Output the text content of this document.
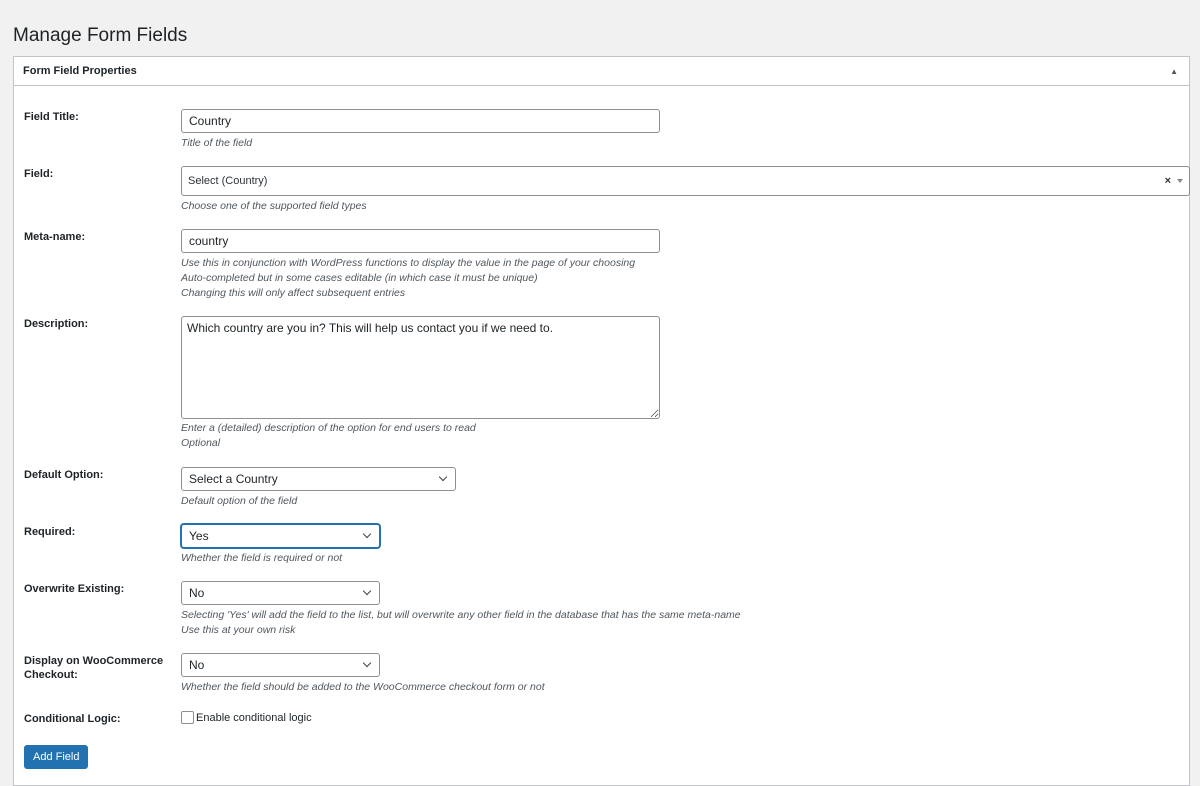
Manage Form Fields
Form Field Properties	▲
Field Title:
Country
Title of the field
Field:
Select (Country)	×
Choose one of the supported field types
Meta-name:
country
Use this in conjunction with WordPress functions to display the value in the page of your choosing
Auto-completed but in some cases editable (in which case it must be unique)
Changing this will only affect subsequent entries
Description:
Which country are you in? This will help us contact you if we need to.
Enter a (detailed) description of the option for end users to read
Optional
Default Option:	Select a Country
Default option of the field
Required:	Yes
Whether the field is required or not
Overwrite Existing:	No
Selecting 'Yes' will add the field to the list, but will overwrite any other field in the database that has the same meta-name
Use this at your own risk
Display on WooCommerce
Checkout:
No
Whether the field should be added to the WooCommerce checkout form or not
Conditional Logic:	Enable conditional logic
Add Field
